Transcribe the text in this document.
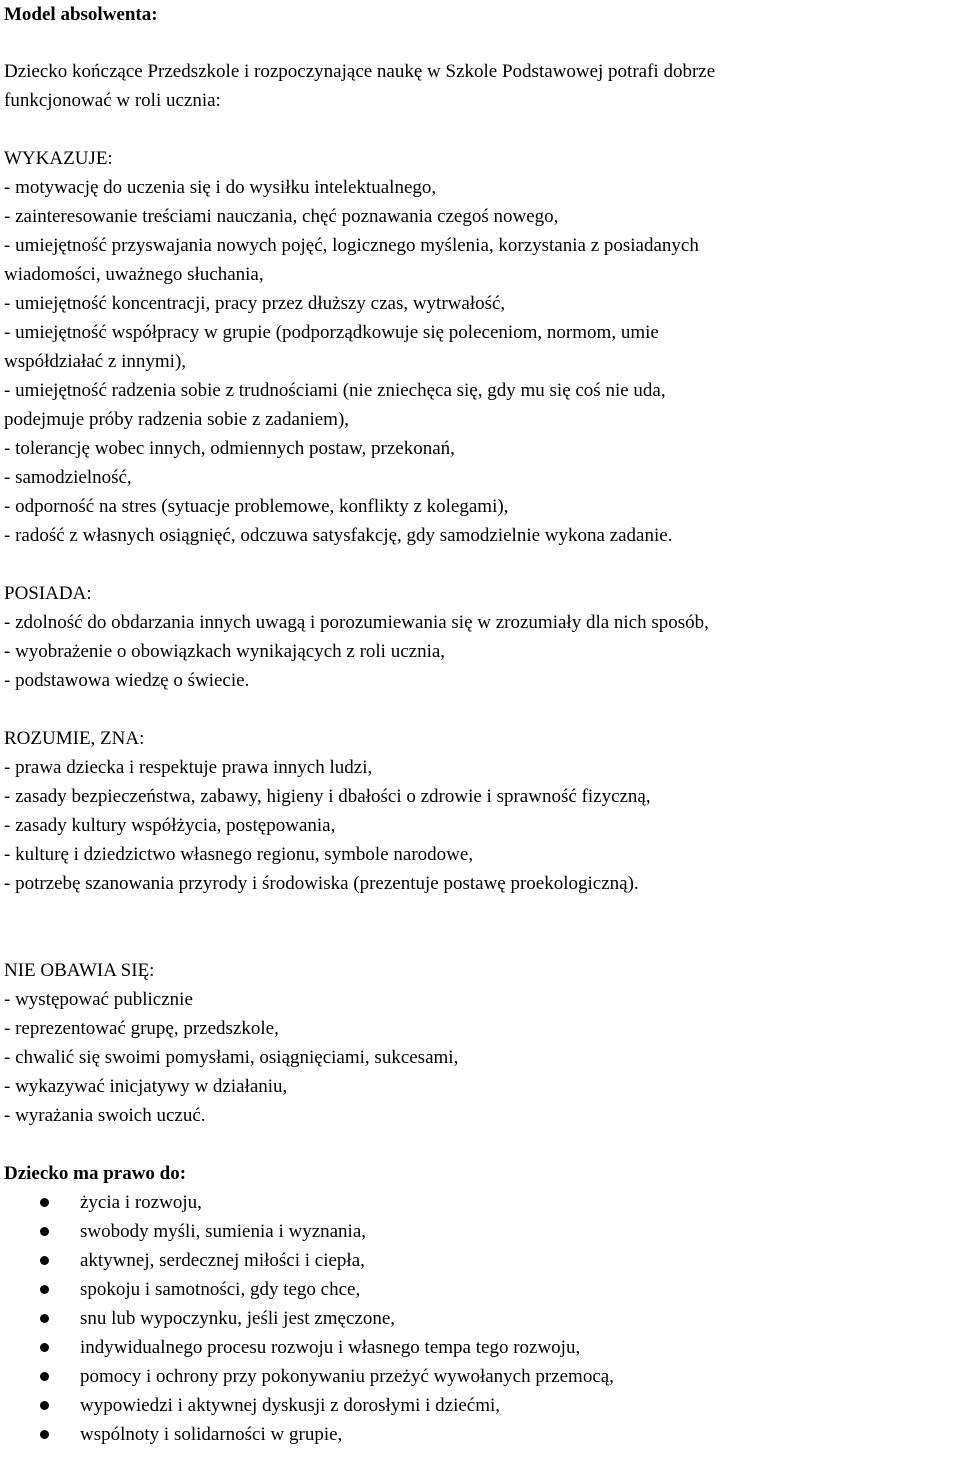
Model absolwenta:

Dziecko kończące Przedszkole i rozpoczynające naukę w Szkole Podstawowej potrafi dobrze

funkcjonować w roli ucznia:

WYKAZUJE:

- motywację do uczenia się i do wysiłku intelektualnego,

- zainteresowanie treściami nauczania, chęć poznawania czegoś nowego,

- umiejętność przyswajania nowych pojęć, logicznego myślenia, korzystania z posiadanych

wiadomości, uważnego słuchania,

- umiejętność koncentracji, pracy przez dłuższy czas, wytrwałość,

- umiejętność współpracy w grupie (podporządkowuje się poleceniom, normom, umie

współdziałać z innymi),

- umiejętność radzenia sobie z trudnościami (nie zniechęca się, gdy mu się coś nie uda,

podejmuje próby radzenia sobie z zadaniem),

- tolerancję wobec innych, odmiennych postaw, przekonań,

- samodzielność,

- odporność na stres (sytuacje problemowe, konflikty z kolegami),

- radość z własnych osiągnięć, odczuwa satysfakcję, gdy samodzielnie wykona zadanie.

POSIADA:

- zdolność do obdarzania innych uwagą i porozumiewania się w zrozumiały dla nich sposób,

- wyobrażenie o obowiązkach wynikających z roli ucznia,

- podstawowa wiedzę o świecie.

ROZUMIE, ZNA:

- prawa dziecka i respektuje prawa innych ludzi,

- zasady bezpieczeństwa, zabawy, higieny i dbałości o zdrowie i sprawność fizyczną,

- zasady kultury współżycia, postępowania,

- kulturę i dziedzictwo własnego regionu, symbole narodowe,

- potrzebę szanowania przyrody i środowiska (prezentuje postawę proekologiczną).

NIE OBAWIA SIĘ:

- występować publicznie

- reprezentować grupę, przedszkole,

- chwalić się swoimi pomysłami, osiągnięciami, sukcesami,

- wykazywać inicjatywy w działaniu,

- wyrażania swoich uczuć.

Dziecko ma prawo do:

życia i rozwoju,
swobody myśli, sumienia i wyznania,
aktywnej, serdecznej miłości i ciepła,
spokoju i samotności, gdy tego chce,
snu lub wypoczynku, jeśli jest zmęczone,
indywidualnego procesu rozwoju i własnego tempa tego rozwoju,
pomocy i ochrony przy pokonywaniu przeżyć wywołanych przemocą,
wypowiedzi i aktywnej dyskusji z dorosłymi i dziećmi,
wspólnoty i solidarności w grupie,
